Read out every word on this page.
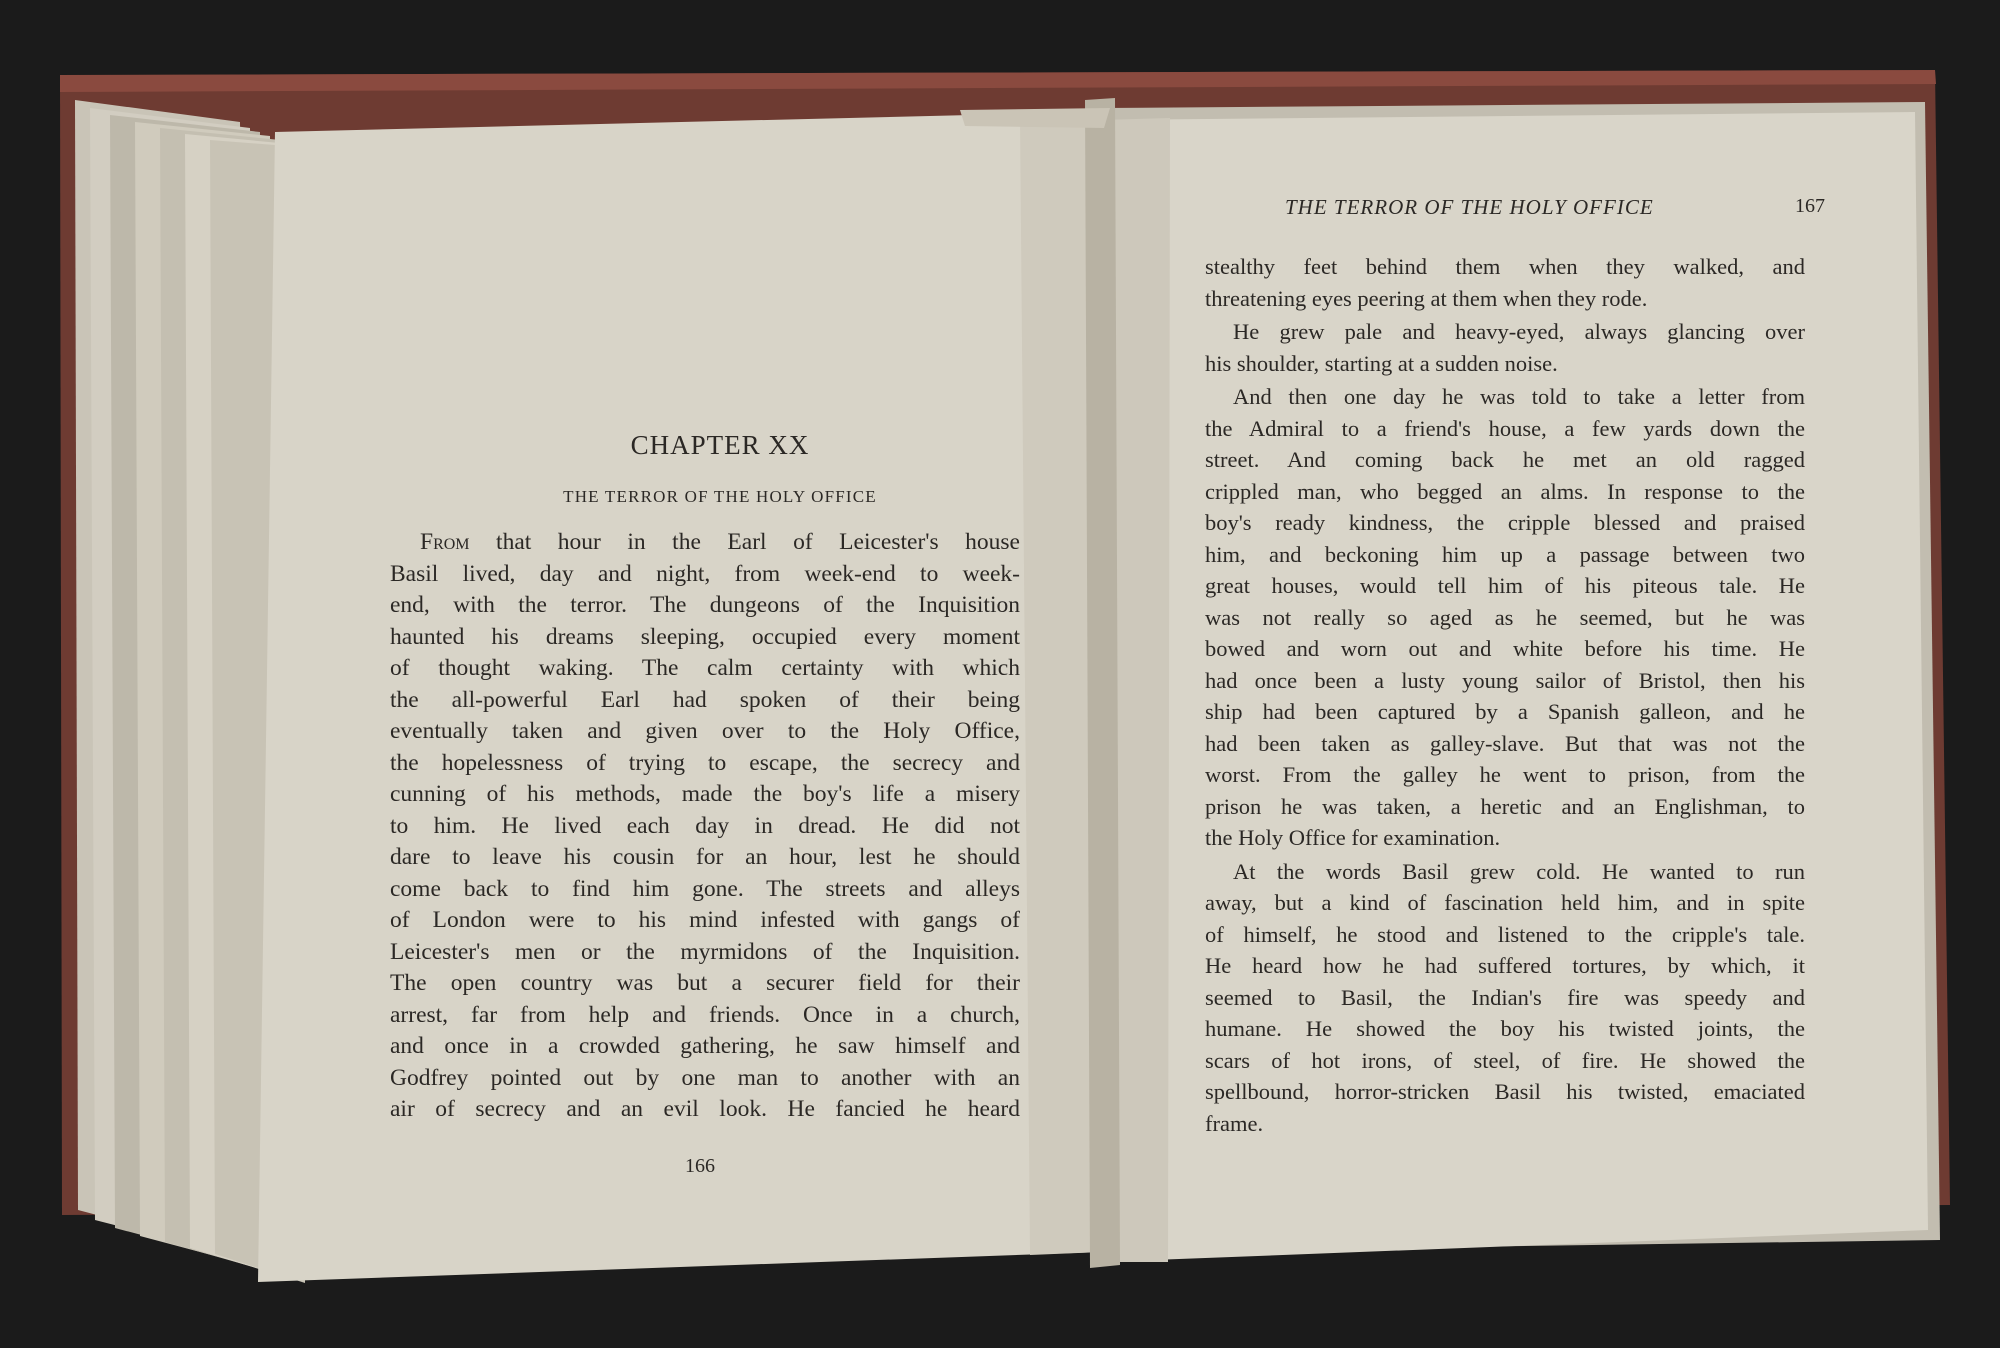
CHAPTER XX
THE TERROR OF THE HOLY OFFICE
From that hour in the Earl of Leicester's house
Basil lived, day and night, from week-end to week-
end, with the terror. The dungeons of the Inquisition
haunted his dreams sleeping, occupied every moment
of thought waking. The calm certainty with which
the all-powerful Earl had spoken of their being
eventually taken and given over to the Holy Office,
the hopelessness of trying to escape, the secrecy and
cunning of his methods, made the boy's life a misery
to him. He lived each day in dread. He did not
dare to leave his cousin for an hour, lest he should
come back to find him gone. The streets and alleys
of London were to his mind infested with gangs of
Leicester's men or the myrmidons of the Inquisition.
The open country was but a securer field for their
arrest, far from help and friends. Once in a church,
and once in a crowded gathering, he saw himself and
Godfrey pointed out by one man to another with an
air of secrecy and an evil look. He fancied he heard
166
THE TERROR OF THE HOLY OFFICE	167
stealthy feet behind them when they walked, and
threatening eyes peering at them when they rode.
He grew pale and heavy-eyed, always glancing over
his shoulder, starting at a sudden noise.
And then one day he was told to take a letter from
the Admiral to a friend's house, a few yards down the
street. And coming back he met an old ragged
crippled man, who begged an alms. In response to the
boy's ready kindness, the cripple blessed and praised
him, and beckoning him up a passage between two
great houses, would tell him of his piteous tale. He
was not really so aged as he seemed, but he was
bowed and worn out and white before his time. He
had once been a lusty young sailor of Bristol, then his
ship had been captured by a Spanish galleon, and he
had been taken as galley-slave. But that was not the
worst. From the galley he went to prison, from the
prison he was taken, a heretic and an Englishman, to
the Holy Office for examination.
At the words Basil grew cold. He wanted to run
away, but a kind of fascination held him, and in spite
of himself, he stood and listened to the cripple's tale.
He heard how he had suffered tortures, by which, it
seemed to Basil, the Indian's fire was speedy and
humane. He showed the boy his twisted joints, the
scars of hot irons, of steel, of fire. He showed the
spellbound, horror-stricken Basil his twisted, emaciated
frame.
